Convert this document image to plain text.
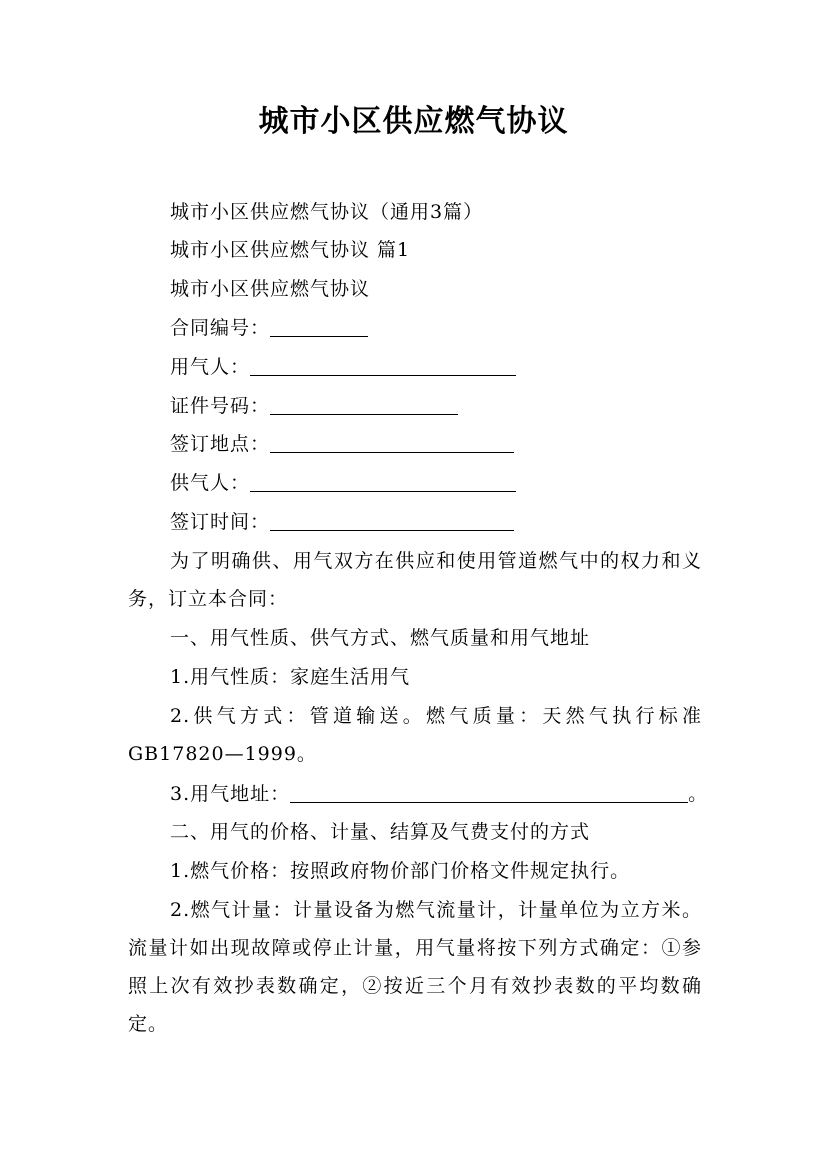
城市小区供应燃气协议
城市小区供应燃气协议（通用3篇）
城市小区供应燃气协议 篇1
城市小区供应燃气协议
合同编号：
用气人：
证件号码：
签订地点：
供气人：
签订时间：
为了明确供、用气双方在供应和使用管道燃气中的权力和义务，订立本合同：
一、用气性质、供气方式、燃气质量和用气地址
1.用气性质：家庭生活用气
2.供气方式：管道输送。燃气质量：天然气执行标准GB17820—1999。
3.用气地址：	。
二、用气的价格、计量、结算及气费支付的方式
1.燃气价格：按照政府物价部门价格文件规定执行。
2.燃气计量：计量设备为燃气流量计，计量单位为立方米。流量计如出现故障或停止计量，用气量将按下列方式确定：①参照上次有效抄表数确定，②按近三个月有效抄表数的平均数确定。
